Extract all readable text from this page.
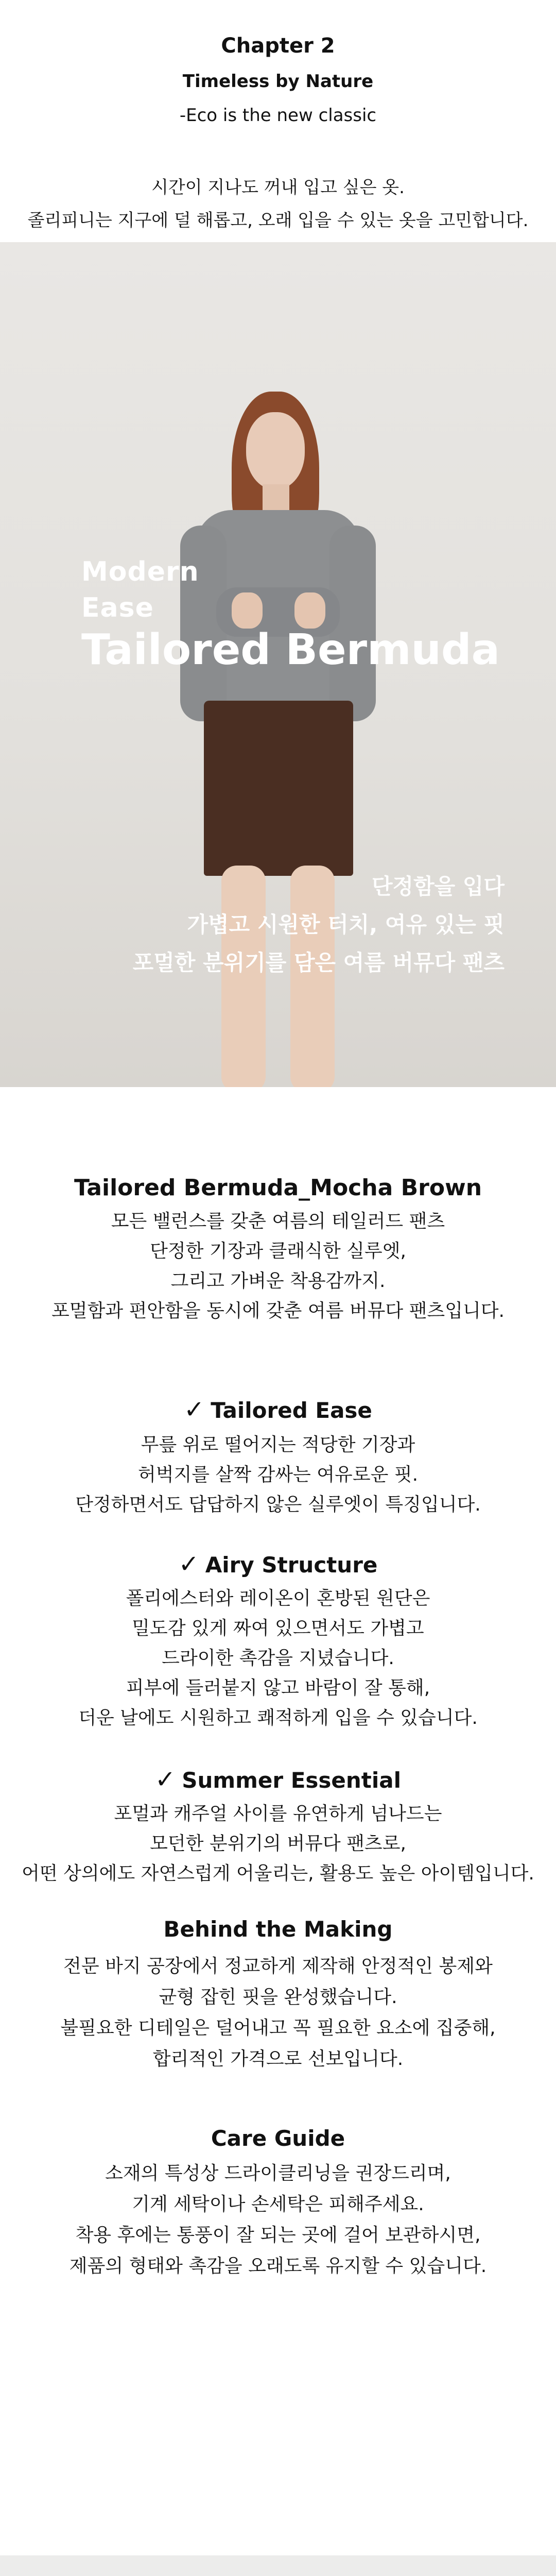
Chapter 2
Timeless by Nature
-Eco is the new classic
시간이 지나도 꺼내 입고 싶은 옷.
졸리피니는 지구에 덜 해롭고, 오래 입을 수 있는 옷을 고민합니다.
Modern
Ease
Tailored Bermuda
단정함을 입다
가볍고 시원한 터치, 여유 있는 핏
포멀한 분위기를 담은 여름 버뮤다 팬츠
Tailored Bermuda_Mocha Brown
모든 밸런스를 갖춘 여름의 테일러드 팬츠
단정한 기장과 클래식한 실루엣,
그리고 가벼운 착용감까지.
포멀함과 편안함을 동시에 갖춘 여름 버뮤다 팬츠입니다.
✓ Tailored Ease
무릎 위로 떨어지는 적당한 기장과
허벅지를 살짝 감싸는 여유로운 핏.
단정하면서도 답답하지 않은 실루엣이 특징입니다.
✓ Airy Structure
폴리에스터와 레이온이 혼방된 원단은
밀도감 있게 짜여 있으면서도 가볍고
드라이한 촉감을 지녔습니다.
피부에 들러붙지 않고 바람이 잘 통해,
더운 날에도 시원하고 쾌적하게 입을 수 있습니다.
✓ Summer Essential
포멀과 캐주얼 사이를 유연하게 넘나드는
모던한 분위기의 버뮤다 팬츠로,
어떤 상의에도 자연스럽게 어울리는, 활용도 높은 아이템입니다.
Behind the Making
전문 바지 공장에서 정교하게 제작해 안정적인 봉제와
균형 잡힌 핏을 완성했습니다.
불필요한 디테일은 덜어내고 꼭 필요한 요소에 집중해,
합리적인 가격으로 선보입니다.
Care Guide
소재의 특성상 드라이클리닝을 권장드리며,
기계 세탁이나 손세탁은 피해주세요.
착용 후에는 통풍이 잘 되는 곳에 걸어 보관하시면,
제품의 형태와 촉감을 오래도록 유지할 수 있습니다.
